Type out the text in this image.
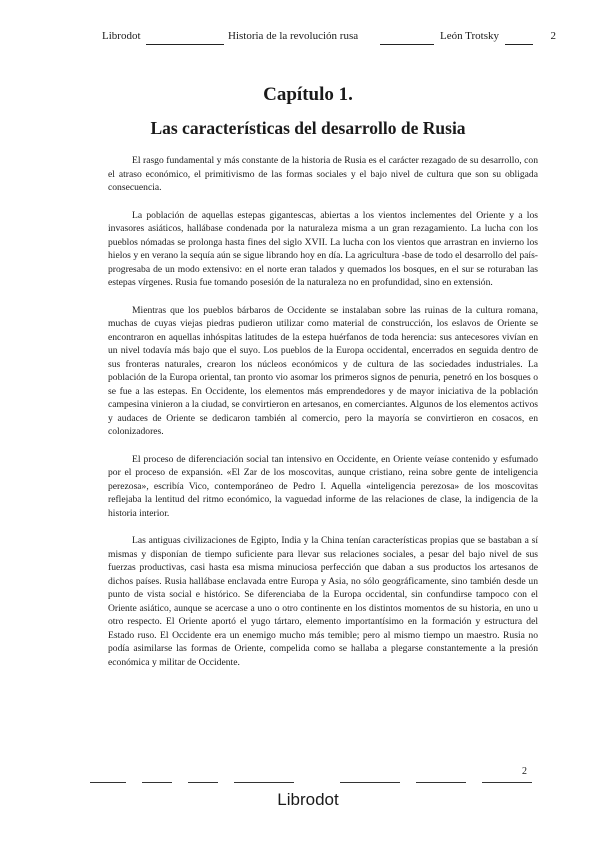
Librodot	Historia de la revolución rusa	León Trotsky	2
Capítulo 1.
Las características del desarrollo de Rusia

El rasgo fundamental y más constante de la historia de Rusia es el carácter rezagado de su desarrollo, con el atraso económico, el primitivismo de las formas sociales y el bajo nivel de cultura que son su obligada consecuencia.

La población de aquellas estepas gigantescas, abiertas a los vientos inclementes del Oriente y a los invasores asiáticos, hallábase condenada por la naturaleza misma a un gran rezagamiento. La lucha con los pueblos nómadas se prolonga hasta fines del siglo XVII. La lucha con los vientos que arrastran en invierno los hielos y en verano la sequía aún se sigue librando hoy en día. La agricultura -base de todo el desarrollo del país- progresaba de un modo extensivo: en el norte eran talados y quemados los bosques, en el sur se roturaban las estepas vírgenes. Rusia fue tomando posesión de la naturaleza no en profundidad, sino en extensión.

Mientras que los pueblos bárbaros de Occidente se instalaban sobre las ruinas de la cultura romana, muchas de cuyas viejas piedras pudieron utilizar como material de construcción, los eslavos de Oriente se encontraron en aquellas inhóspitas latitudes de la estepa huérfanos de toda herencia: sus antecesores vivían en un nivel todavía más bajo que el suyo. Los pueblos de la Europa occidental, encerrados en seguida dentro de sus fronteras naturales, crearon los núcleos económicos y de cultura de las sociedades industriales. La población de la Europa oriental, tan pronto vio asomar los primeros signos de penuria, penetró en los bosques o se fue a las estepas. En Occidente, los elementos más emprendedores y de mayor iniciativa de la población campesina vinieron a la ciudad, se convirtieron en artesanos, en comerciantes. Algunos de los elementos activos y audaces de Oriente se dedicaron también al comercio, pero la mayoría se convirtieron en cosacos, en colonizadores.

El proceso de diferenciación social tan intensivo en Occidente, en Oriente veíase contenido y esfumado por el proceso de expansión. «El Zar de los moscovitas, aunque cristiano, reina sobre gente de inteligencia perezosa», escribía Vico, contemporáneo de Pedro I. Aquella «inteligencia perezosa» de los moscovitas reflejaba la lentitud del ritmo económico, la vaguedad informe de las relaciones de clase, la indigencia de la historia interior.

Las antiguas civilizaciones de Egipto, India y la China tenían características propias que se bastaban a sí mismas y disponían de tiempo suficiente para llevar sus relaciones sociales, a pesar del bajo nivel de sus fuerzas productivas, casi hasta esa misma minuciosa perfección que daban a sus productos los artesanos de dichos países. Rusia hallábase enclavada entre Europa y Asia, no sólo geográficamente, sino también desde un punto de vista social e histórico. Se diferenciaba de la Europa occidental, sin confundirse tampoco con el Oriente asiático, aunque se acercase a uno o otro continente en los distintos momentos de su historia, en uno u otro respecto. El Oriente aportó el yugo tártaro, elemento importantísimo en la formación y estructura del Estado ruso. El Occidente era un enemigo mucho más temible; pero al mismo tiempo un maestro. Rusia no podía asimilarse las formas de Oriente, compelida como se hallaba a plegarse constantemente a la presión económica y militar de Occidente.

2
Librodot
